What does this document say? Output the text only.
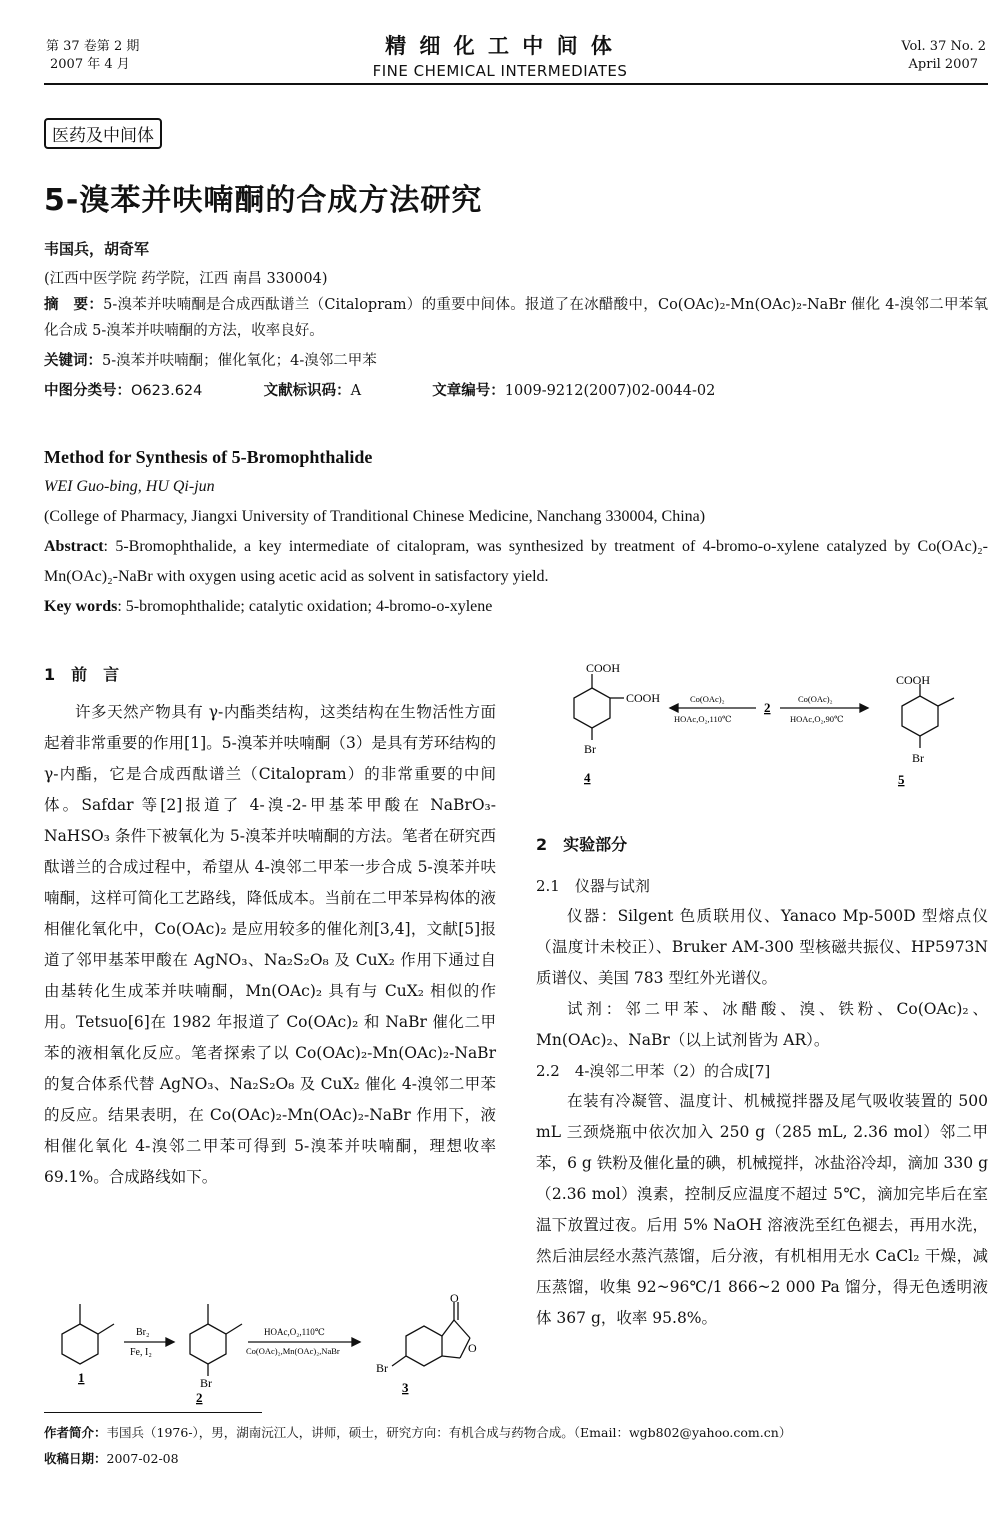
第 37 卷第 2 期
2007 年 4 月
精 细 化 工 中 间 体
FINE CHEMICAL INTERMEDIATES
Vol. 37 No. 2
April 2007
医药及中间体
5-溴苯并呋喃酮的合成方法研究
韦国兵，胡奇军
(江西中医学院 药学院，江西 南昌 330004)
摘　要：5-溴苯并呋喃酮是合成西酞谱兰（Citalopram）的重要中间体。报道了在冰醋酸中，Co(OAc)₂-Mn(OAc)₂-NaBr 催化 4-溴邻二甲苯氧化合成 5-溴苯并呋喃酮的方法，收率良好。
关键词：5-溴苯并呋喃酮；催化氧化；4-溴邻二甲苯
中图分类号：O623.624	文献标识码：A	文章编号：1009-9212(2007)02-0044-02
Method for Synthesis of 5-Bromophthalide
WEI Guo-bing, HU Qi-jun
(College of Pharmacy, Jiangxi University of Tranditional Chinese Medicine, Nanchang 330004, China)
Abstract: 5-Bromophthalide, a key intermediate of citalopram, was synthesized by treatment of 4-bromo-o-xylene catalyzed by Co(OAc)₂-Mn(OAc)₂-NaBr with oxygen using acetic acid as solvent in satisfactory yield.
Key words: 5-bromophthalide; catalytic oxidation; 4-bromo-o-xylene
1　前　言
许多天然产物具有 γ-内酯类结构，这类结构在生物活性方面起着非常重要的作用[1]。5-溴苯并呋喃酮（3）是具有芳环结构的 γ-内酯，它是合成西酞谱兰（Citalopram）的非常重要的中间体。Safdar 等[2]报道了 4-溴-2-甲基苯甲酸在 NaBrO₃-NaHSO₃ 条件下被氧化为 5-溴苯并呋喃酮的方法。笔者在研究西酞谱兰的合成过程中，希望从 4-溴邻二甲苯一步合成 5-溴苯并呋喃酮，这样可简化工艺路线，降低成本。当前在二甲苯异构体的液相催化氧化中，Co(OAc)₂ 是应用较多的催化剂[3,4]，文献[5]报道了邻甲基苯甲酸在 AgNO₃、Na₂S₂O₈ 及 CuX₂ 作用下通过自由基转化生成苯并呋喃酮，Mn(OAc)₂ 具有与 CuX₂ 相似的作用。Tetsuo[6]在 1982 年报道了 Co(OAc)₂ 和 NaBr 催化二甲苯的液相氧化反应。笔者探索了以 Co(OAc)₂-Mn(OAc)₂-NaBr 的复合体系代替 AgNO₃、Na₂S₂O₈ 及 CuX₂ 催化 4-溴邻二甲苯的反应。结果表明，在 Co(OAc)₂-Mn(OAc)₂-NaBr 作用下，液相催化氧化 4-溴邻二甲苯可得到 5-溴苯并呋喃酮，理想收率 69.1%。合成路线如下。
Br₂
Fe, I₂
HOAc,O₂,110℃
Co(OAc)₂,Mn(OAc)₂,NaBr
Br
Br
O
O
1
2
3
COOH
COOH
Br
Co(OAc)₂
HOAc,O₂,110℃
2
Co(OAc)₂
HOAc,O₂,90℃
COOH
Br
4	5
2　实验部分
2.1　仪器与试剂
仪器：Silgent 色质联用仪、Yanaco Mp-500D 型熔点仪（温度计未校正）、Bruker AM-300 型核磁共振仪、HP5973N 质谱仪、美国 783 型红外光谱仪。
试剂：邻二甲苯、冰醋酸、溴、铁粉、Co(OAc)₂、Mn(OAc)₂、NaBr（以上试剂皆为 AR）。
2.2　4-溴邻二甲苯（2）的合成[7]
在装有冷凝管、温度计、机械搅拌器及尾气吸收装置的 500 mL 三颈烧瓶中依次加入 250 g（285 mL, 2.36 mol）邻二甲苯，6 g 铁粉及催化量的碘，机械搅拌，冰盐浴冷却，滴加 330 g（2.36 mol）溴素，控制反应温度不超过 5℃，滴加完毕后在室温下放置过夜。后用 5% NaOH 溶液洗至红色褪去，再用水洗，然后油层经水蒸汽蒸馏，后分液，有机相用无水 CaCl₂ 干燥，减压蒸馏，收集 92~96℃/1 866~2 000 Pa 馏分，得无色透明液体 367 g，收率 95.8%。
作者简介：韦国兵（1976-），男，湖南沅江人，讲师，硕士，研究方向：有机合成与药物合成。（Email：wgb802@yahoo.com.cn）
收稿日期：2007-02-08
